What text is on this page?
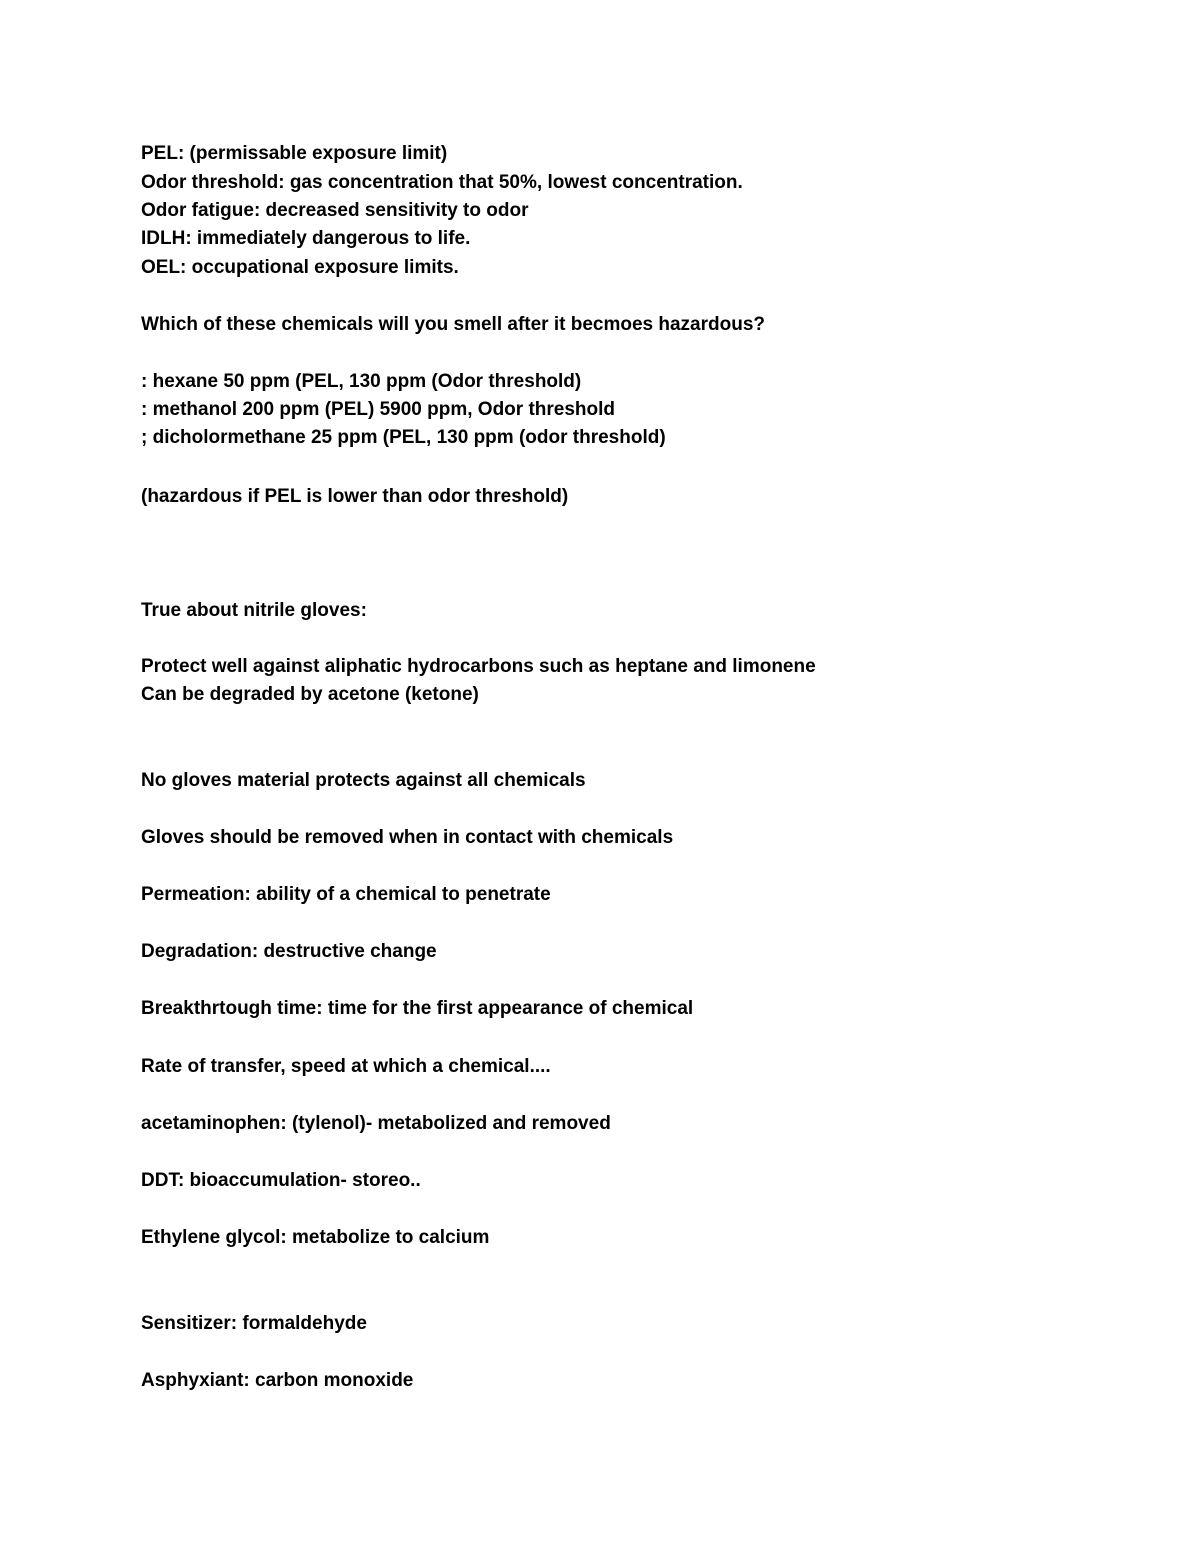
PEL: (permissable exposure limit)

Odor threshold: gas concentration that 50%, lowest concentration.

Odor fatigue: decreased sensitivity to odor

IDLH: immediately dangerous to life.

OEL: occupational exposure limits.

Which of these chemicals will you smell after it becmoes hazardous?

: hexane 50 ppm (PEL, 130 ppm (Odor threshold)

: methanol 200 ppm (PEL) 5900 ppm, Odor threshold

; dicholormethane 25 ppm (PEL, 130 ppm (odor threshold)

(hazardous if PEL is lower than odor threshold)

True about nitrile gloves:

Protect well against aliphatic hydrocarbons such as heptane and limonene

Can be degraded by acetone (ketone)

No gloves material protects against all chemicals

Gloves should be removed when in contact with chemicals

Permeation: ability of a chemical to penetrate

Degradation: destructive change

Breakthrtough time: time for the first appearance of chemical

Rate of transfer, speed at which a chemical....

acetaminophen: (tylenol)- metabolized and removed

DDT: bioaccumulation- storeo..

Ethylene glycol: metabolize to calcium

Sensitizer: formaldehyde

Asphyxiant: carbon monoxide
